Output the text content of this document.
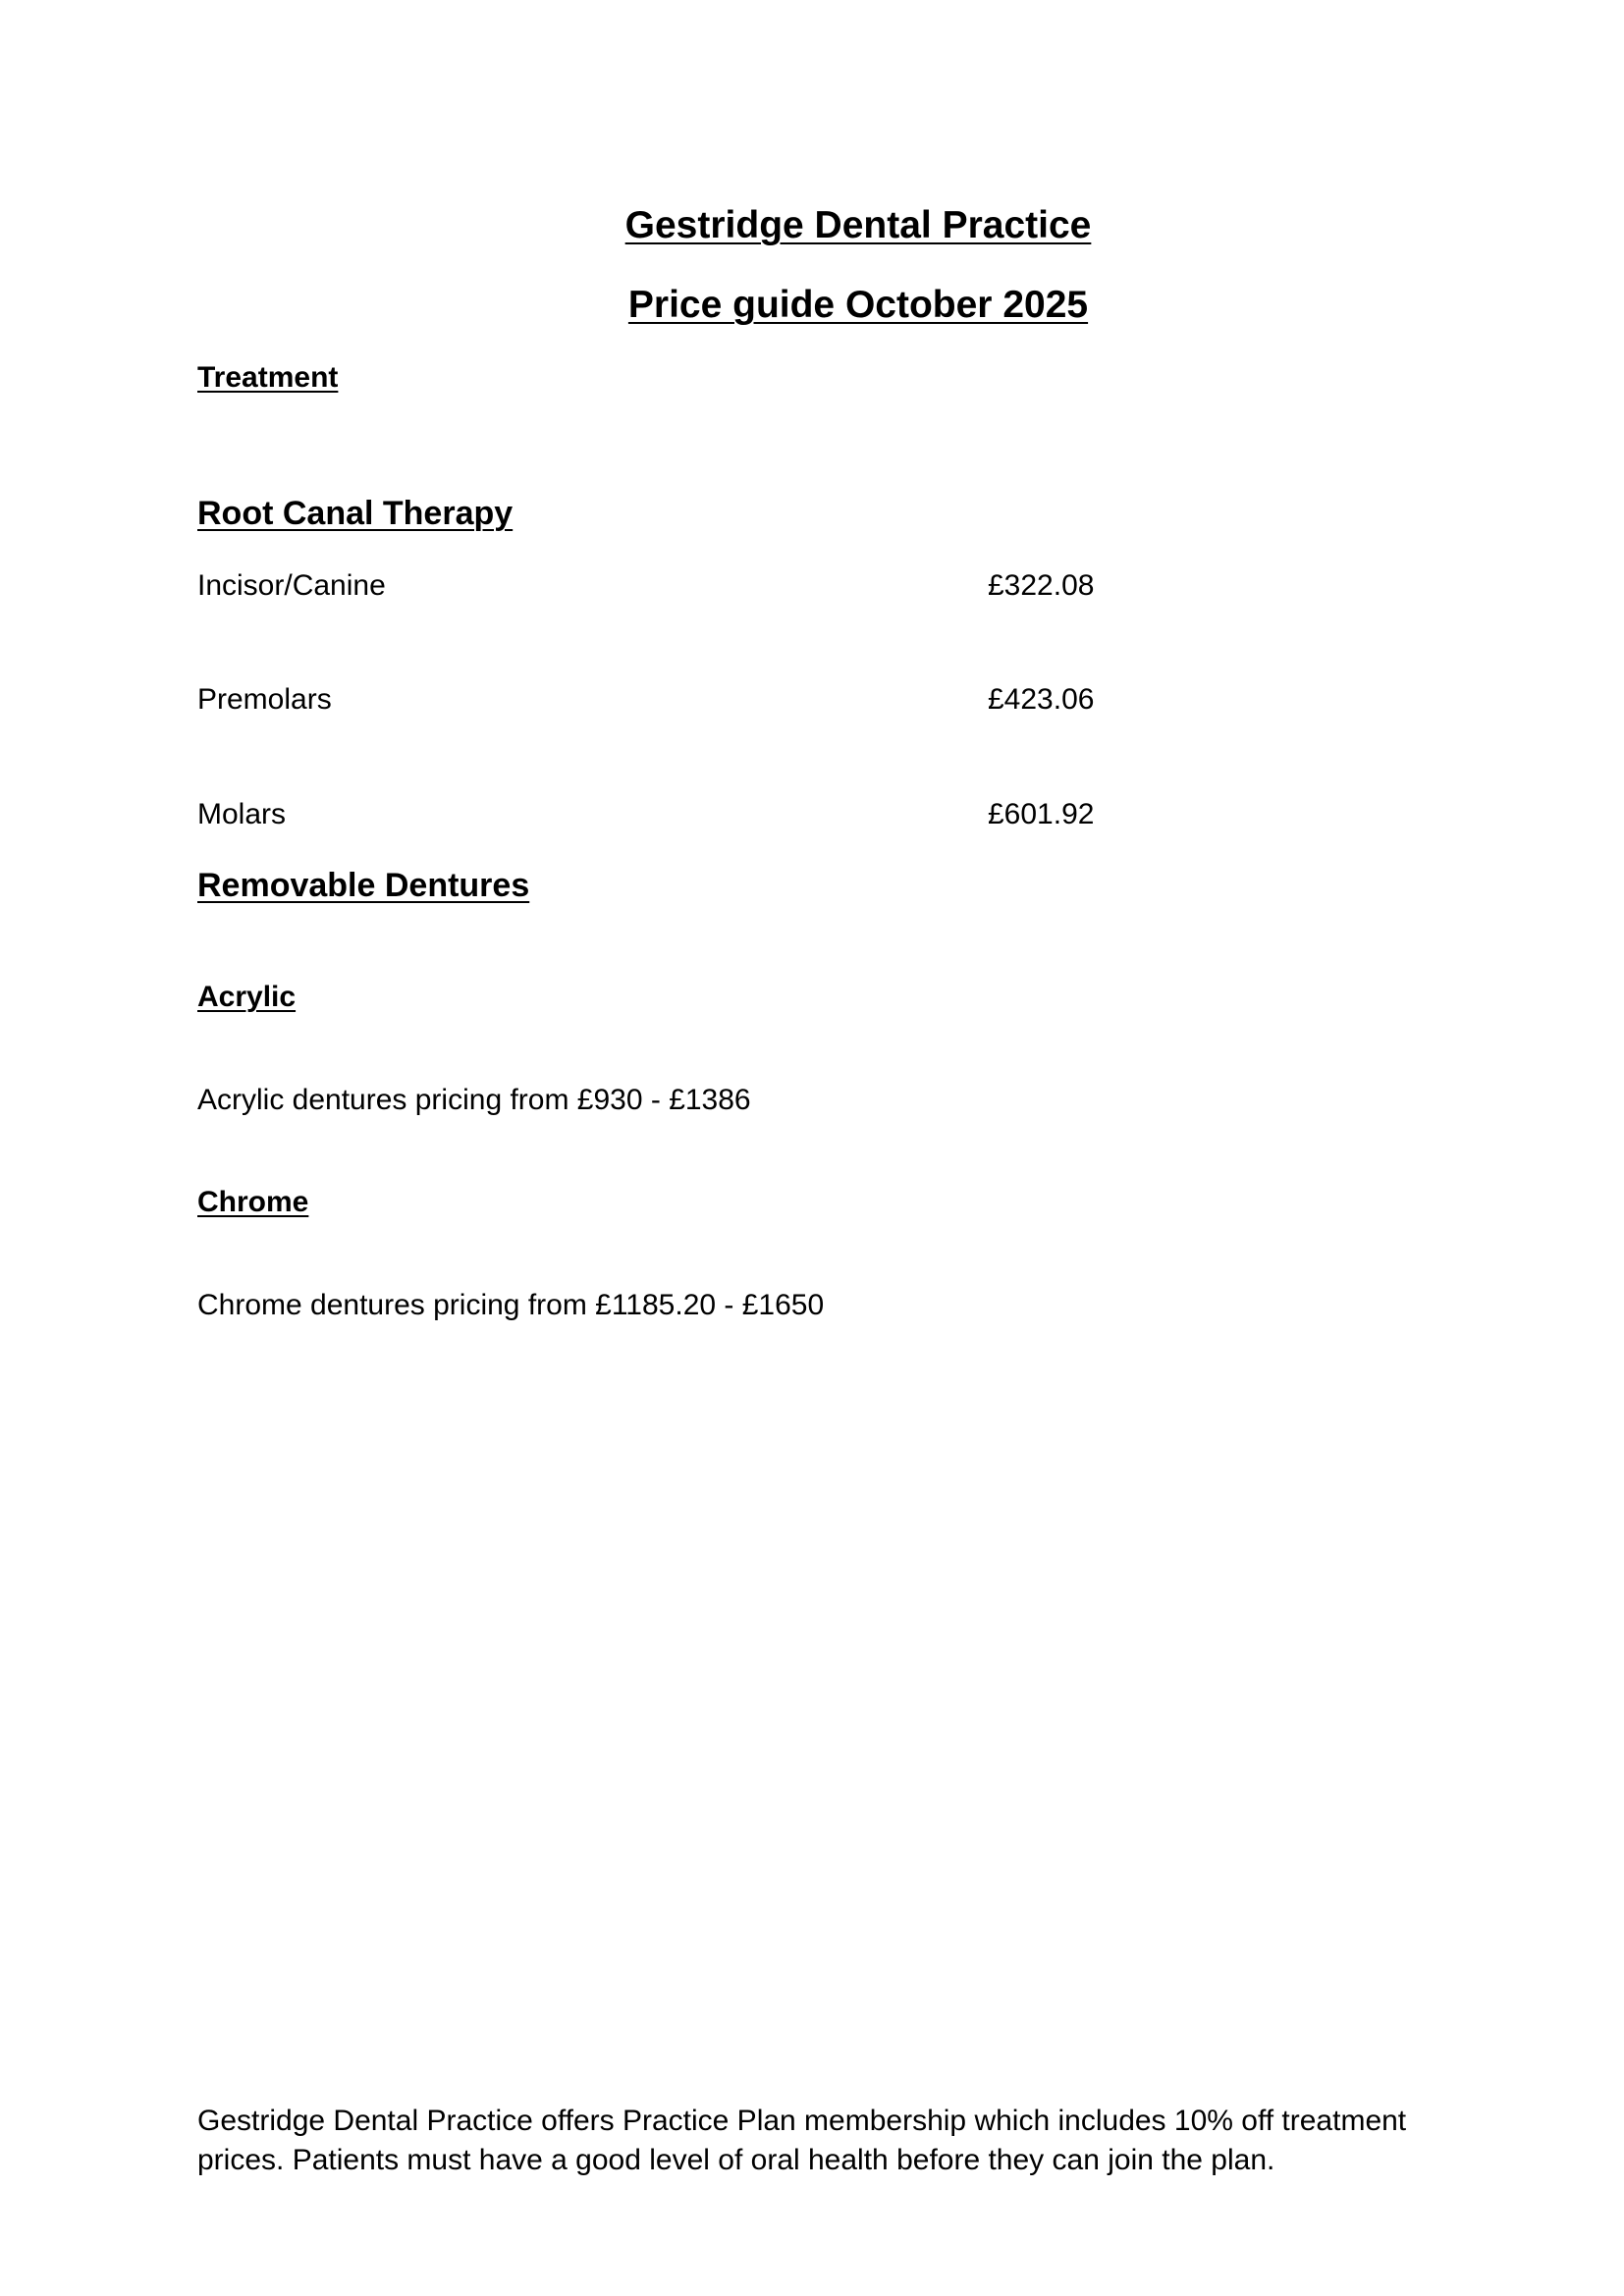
Gestridge Dental Practice
Price guide October 2025
Treatment
Root Canal Therapy
Incisor/Canine	£322.08
Premolars	£423.06
Molars	£601.92
Removable Dentures
Acrylic
Acrylic dentures pricing from £930 - £1386
Chrome
Chrome dentures pricing from £1185.20 - £1650
Gestridge Dental Practice offers Practice Plan membership which includes 10% off treatment prices. Patients must have a good level of oral health before they can join the plan.
